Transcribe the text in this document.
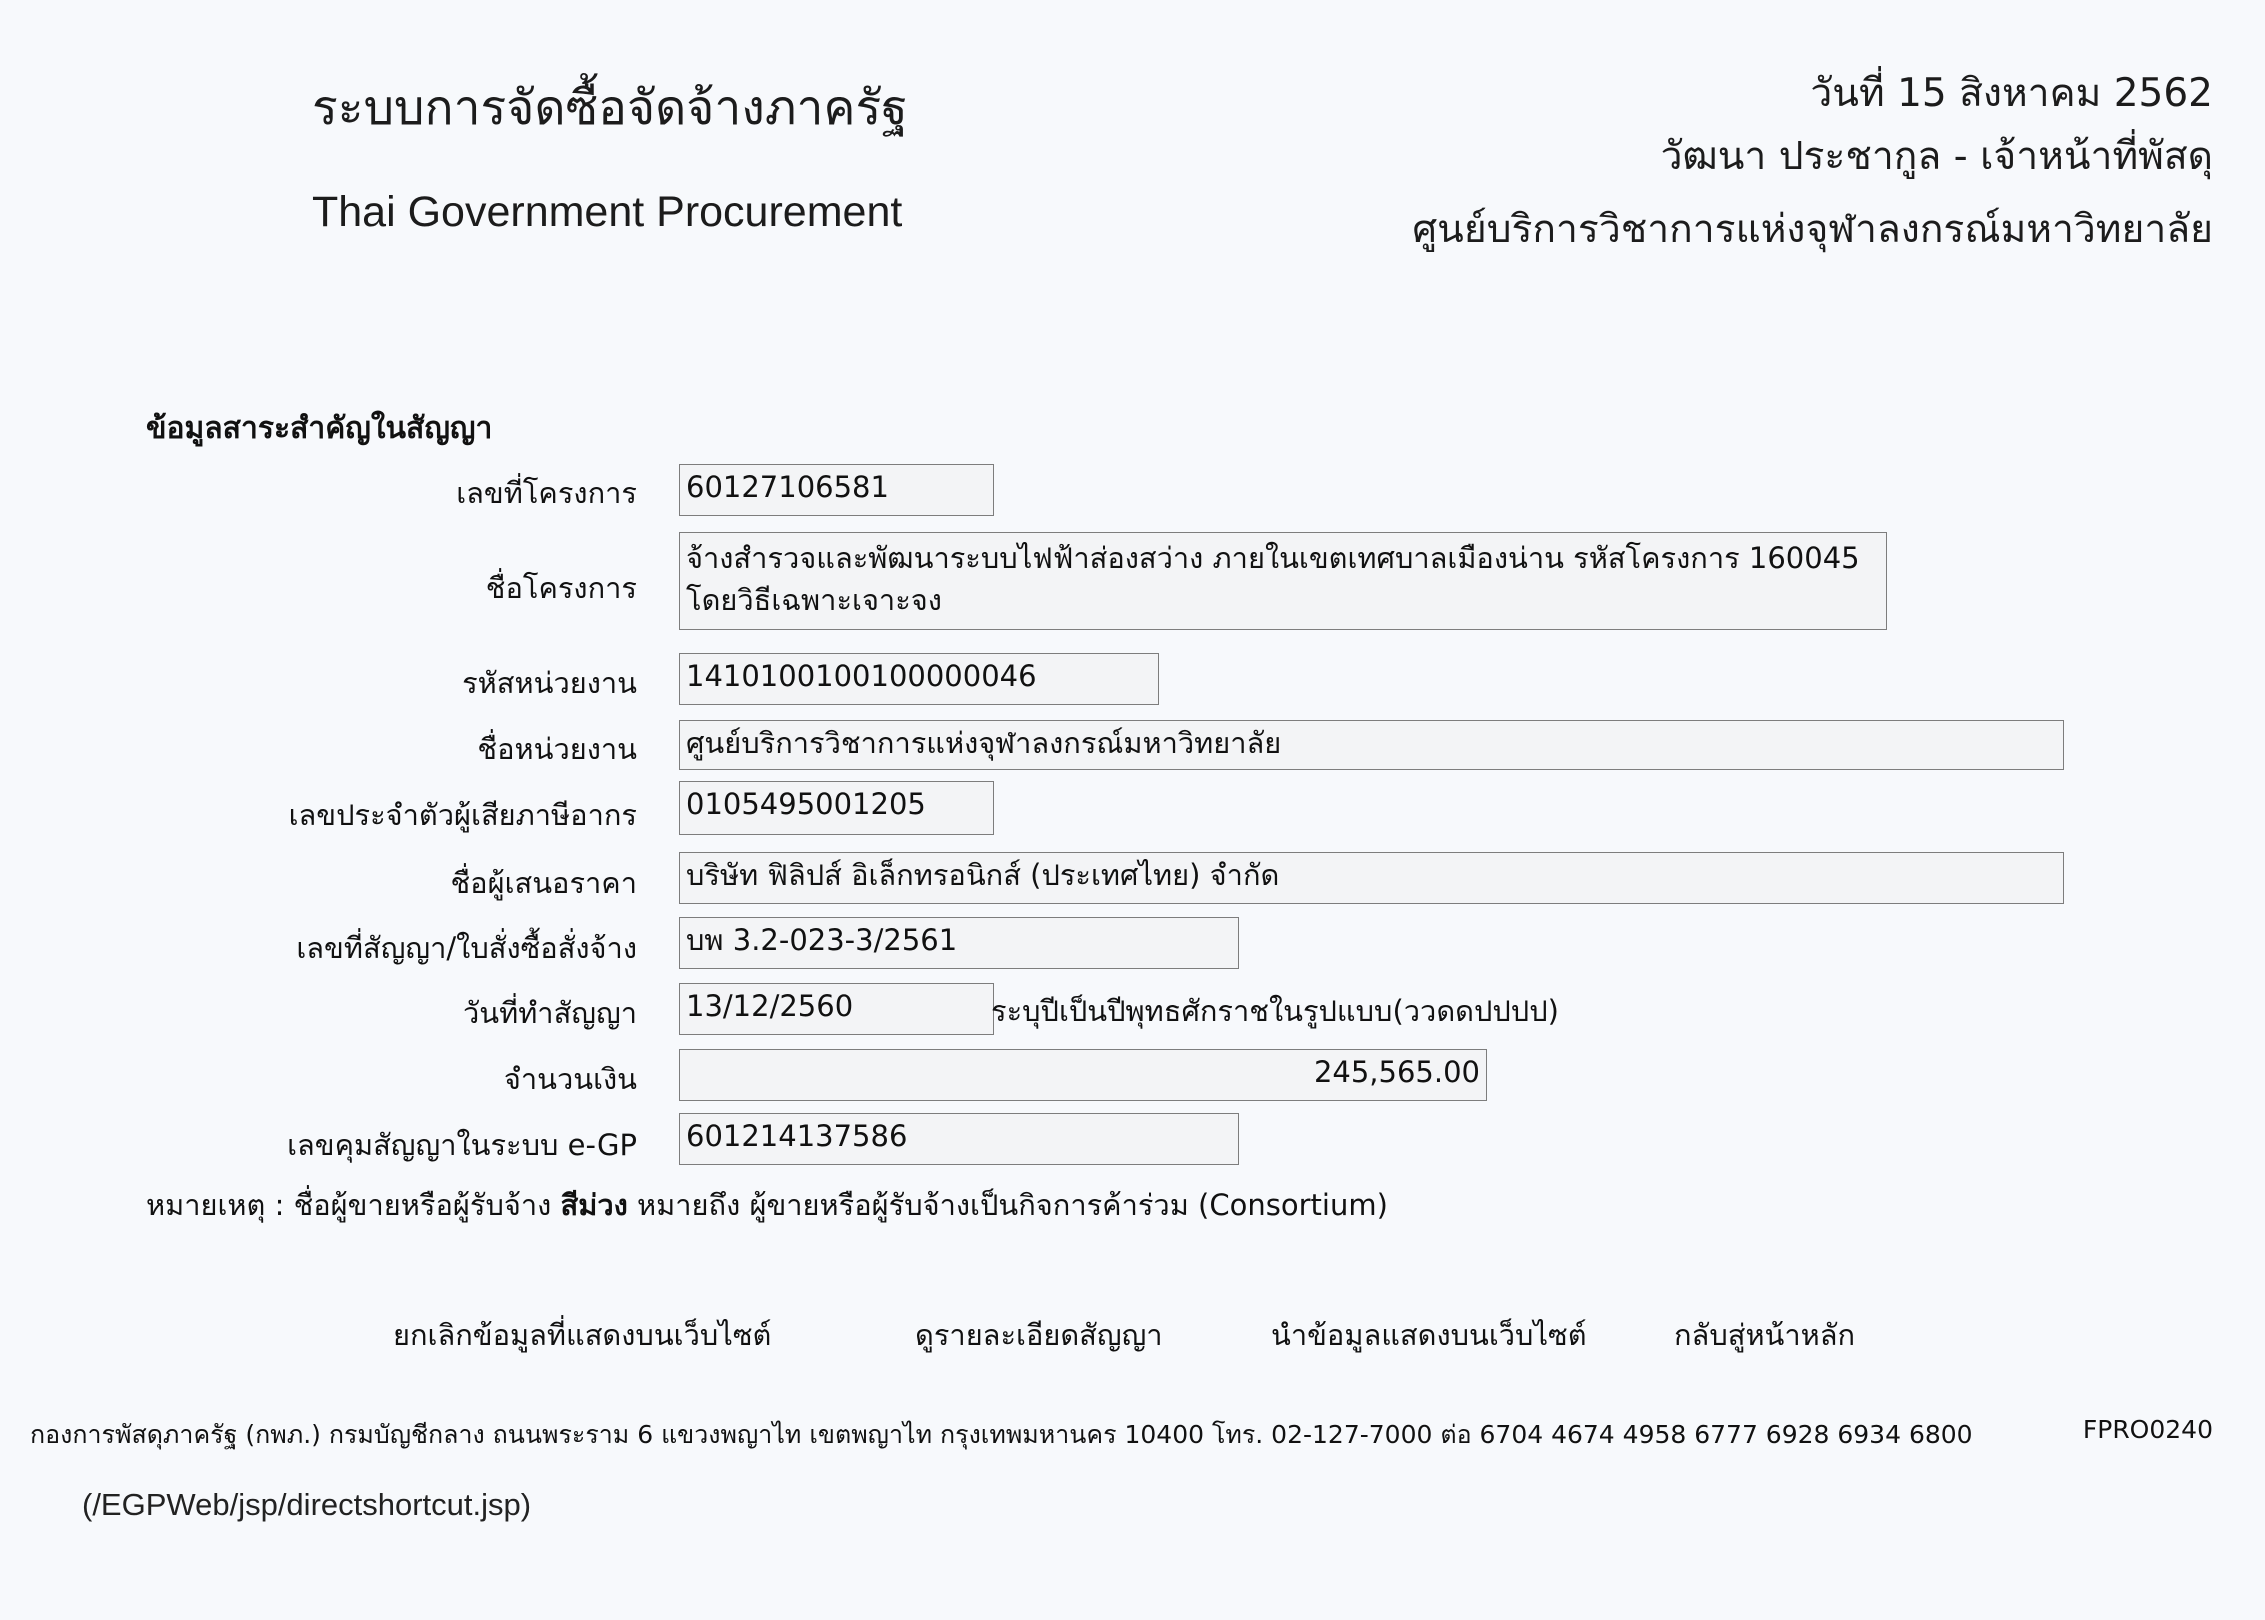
ระบบการจัดซื้อจัดจ้างภาครัฐ
Thai Government Procurement
วันที่ 15 สิงหาคม 2562
วัฒนา ประชากูล - เจ้าหน้าที่พัสดุ
ศูนย์บริการวิชาการแห่งจุฬาลงกรณ์มหาวิทยาลัย
ข้อมูลสาระสำคัญในสัญญา
เลขที่โครงการ 60127106581
ชื่อโครงการ
จ้างสำรวจและพัฒนาระบบไฟฟ้าส่องสว่าง ภายในเขตเทศบาลเมืองน่าน รหัสโครงการ 160045 โดยวิธีเฉพาะเจาะจง
รหัสหน่วยงาน 1410100100100000046
ชื่อหน่วยงาน ศูนย์บริการวิชาการแห่งจุฬาลงกรณ์มหาวิทยาลัย
เลขประจำตัวผู้เสียภาษีอากร 0105495001205
ชื่อผู้เสนอราคา บริษัท ฟิลิปส์ อิเล็กทรอนิกส์ (ประเทศไทย) จำกัด
เลขที่สัญญา/ใบสั่งซื้อสั่งจ้าง บพ 3.2-023-3/2561
วันที่ทำสัญญา 13/12/2560	ระบุปีเป็นปีพุทธศักราชในรูปแบบ(ววดดปปปป)
จำนวนเงิน	245,565.00
เลขคุมสัญญาในระบบ e-GP 601214137586
หมายเหตุ : ชื่อผู้ขายหรือผู้รับจ้าง สีม่วง หมายถึง ผู้ขายหรือผู้รับจ้างเป็นกิจการค้าร่วม (Consortium)
ยกเลิกข้อมูลที่แสดงบนเว็บไซต์	ดูรายละเอียดสัญญา	นำข้อมูลแสดงบนเว็บไซต์	กลับสู่หน้าหลัก
กองการพัสดุภาครัฐ (กพภ.) กรมบัญชีกลาง ถนนพระราม 6 แขวงพญาไท เขตพญาไท กรุงเทพมหานคร 10400 โทร. 02-127-7000 ต่อ 6704 4674 4958 6777 6928 6934 6800	FPRO0240
(/EGPWeb/jsp/directshortcut.jsp)
